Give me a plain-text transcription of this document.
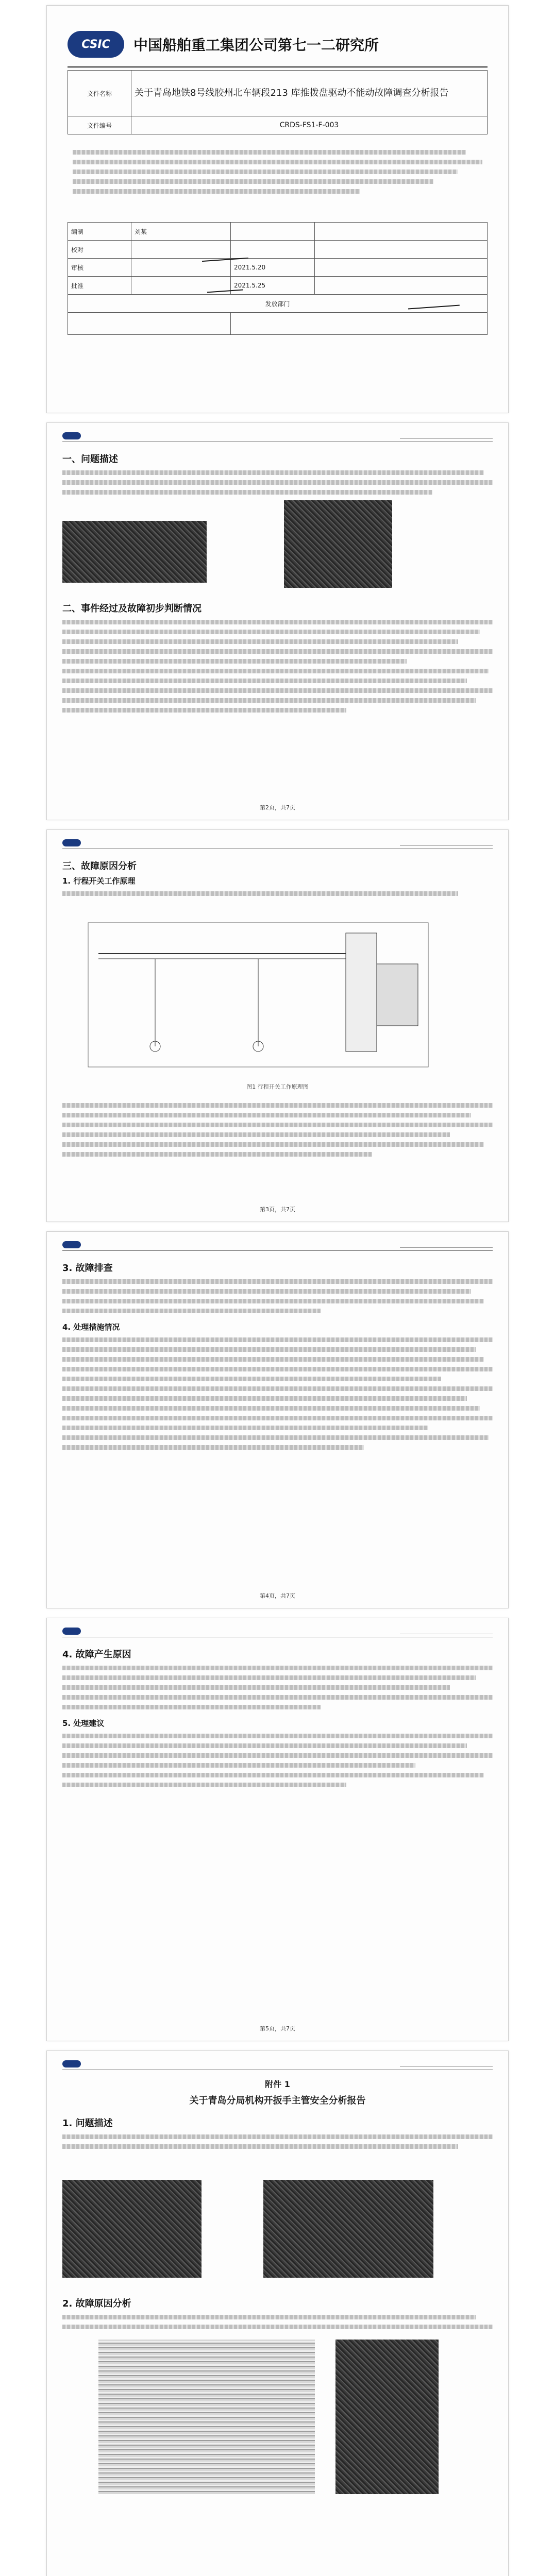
CSIC 中国船舶重工集团公司第七一二研究所
文件名称	关于青岛地铁8号线胶州北车辆段213 库推拨盘驱动不能动故障调查分析报告
文件编号	CRDS-FS1-F-003
编制	刘某		
校对			
审核		2021.5.20	
批准		2021.5.25	
发放部门			

一、问题描述
二、事件经过及故障初步判断情况
第2页，共7页
三、故障原因分析
1. 行程开关工作原理
图1 行程开关工作原理图
第3页，共7页
3. 故障排查
4. 处理措施情况
第4页，共7页
4. 故障产生原因
5. 处理建议
第5页，共7页
附件 1
关于青岛分局机构开扳手主管安全分析报告
1. 问题描述
2. 故障原因分析
